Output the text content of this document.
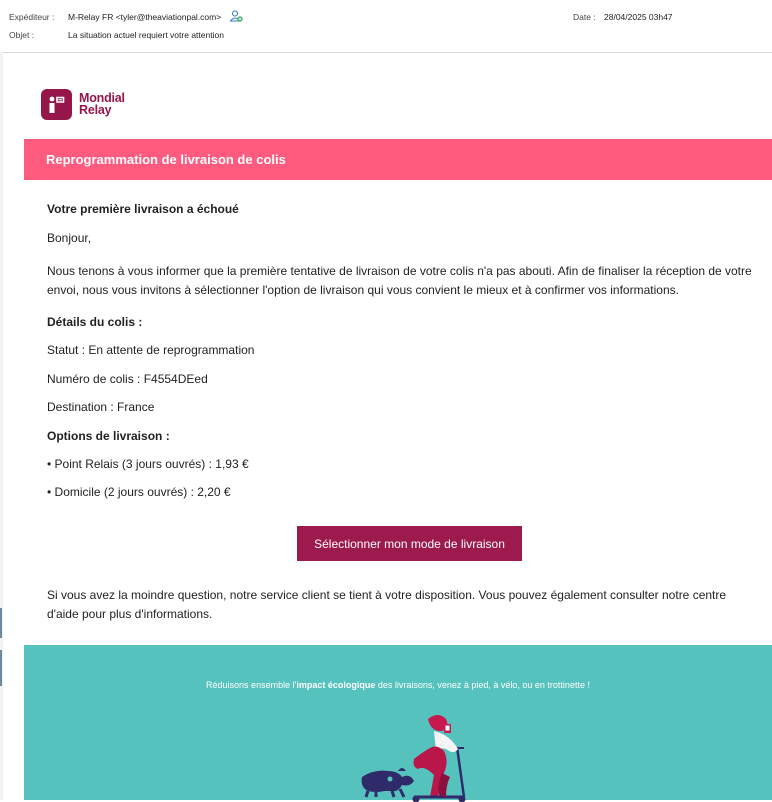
Expéditeur : M-Relay FR <tyler@theaviationpal.com>
Objet :	La situation actuel requiert votre attention
Date : 28/04/2025 03h47
Mondial
Relay
Reprogrammation de livraison de colis
Votre première livraison a échoué
Bonjour,
Nous tenons à vous informer que la première tentative de livraison de votre colis n'a pas abouti. Afin de finaliser la réception de votre envoi, nous vous invitons à sélectionner l'option de livraison qui vous convient le mieux et à confirmer vos informations.
Détails du colis :
Statut : En attente de reprogrammation
Numéro de colis : F4554DEed
Destination : France
Options de livraison :
• Point Relais (3 jours ouvrés) : 1,93 €
• Domicile (2 jours ouvrés) : 2,20 €
Sélectionner mon mode de livraison
Si vous avez la moindre question, notre service client se tient à votre disposition. Vous pouvez également consulter notre centre d'aide pour plus d'informations.
Réduisons ensemble l'impact écologique des livraisons, venez à pied, à vélo, ou en trottinette !
